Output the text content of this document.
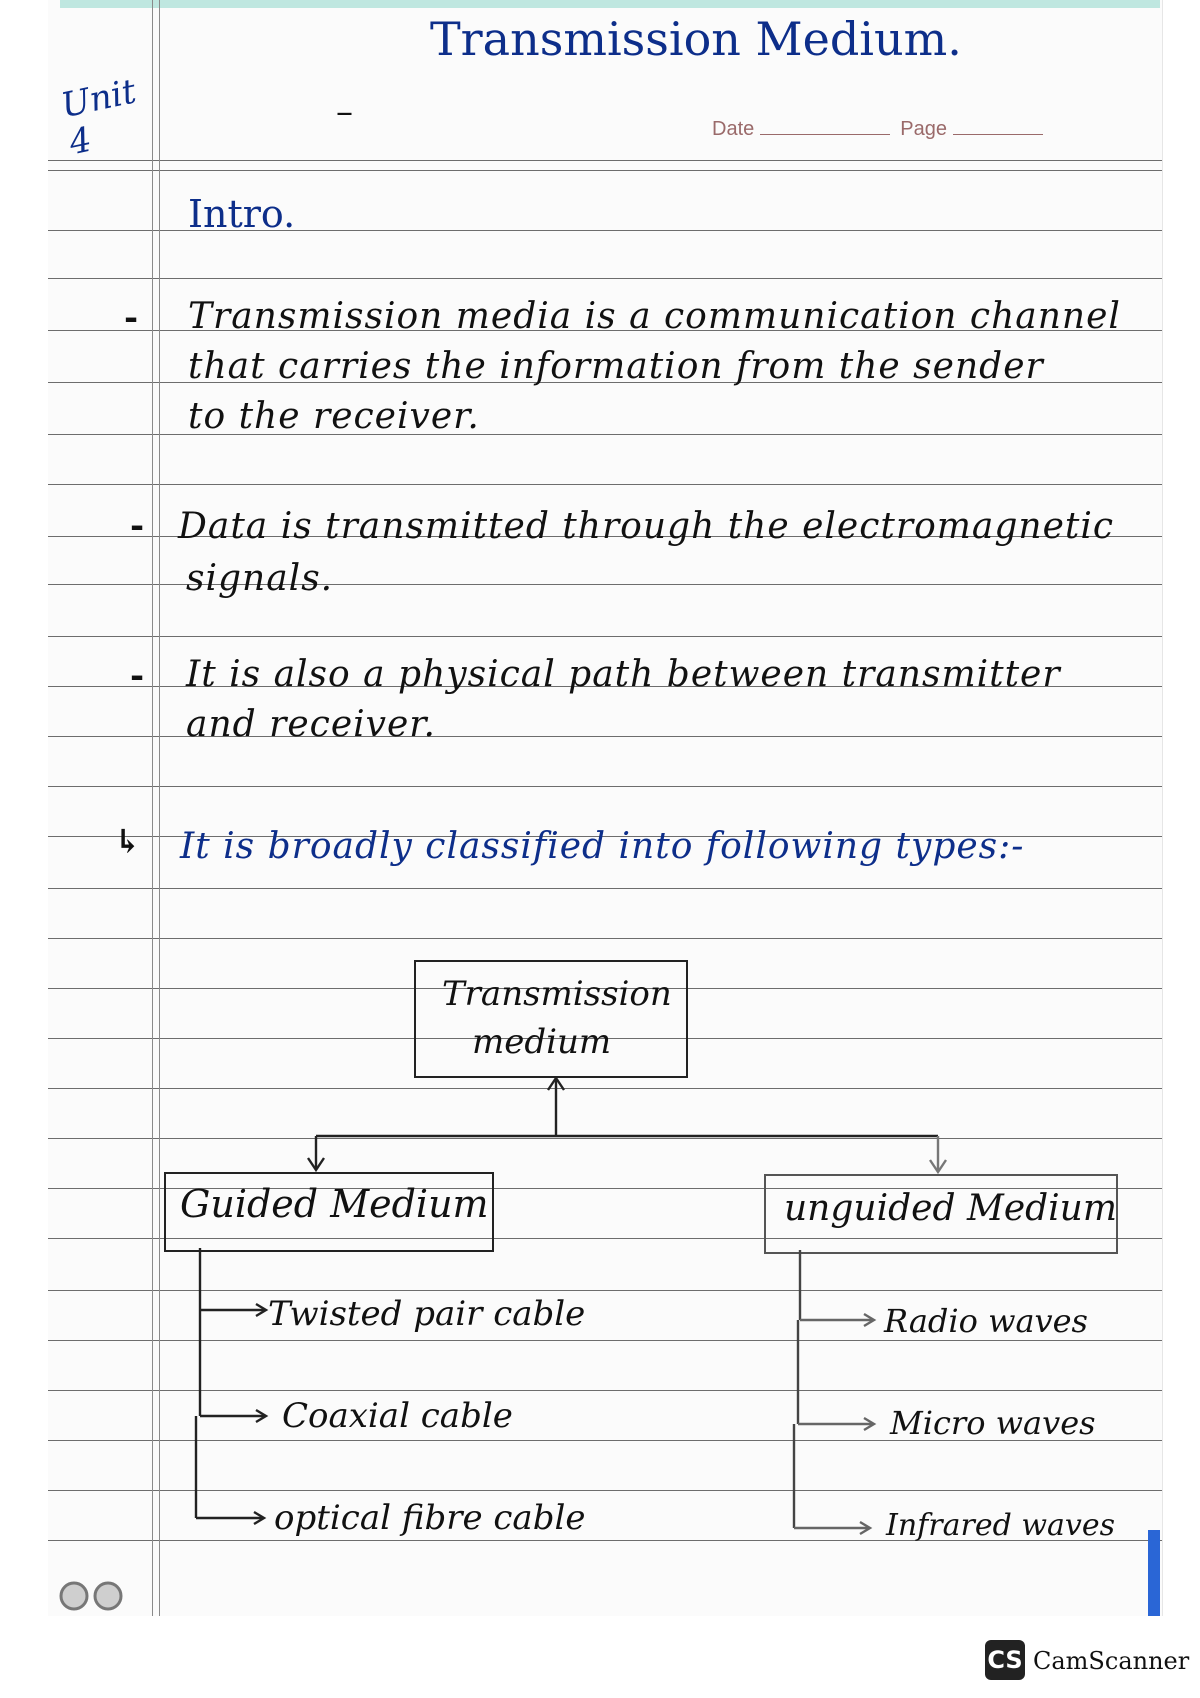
Transmission Medium.
Unit 4
–	Date	Page
Intro.
- Transmission media is a communication channel
that carries the information from the sender
to the receiver.
- Data is transmitted through the electromagnetic
signals.
- It is also a physical path between transmitter
and receiver.
↳ It is broadly classified into following types:-
Transmission
medium
Guided Medium	unguided Medium
Twisted pair cable
Coaxial cable
optical fibre cable
Radio waves
Micro waves
Infrared waves
CS CamScanner
